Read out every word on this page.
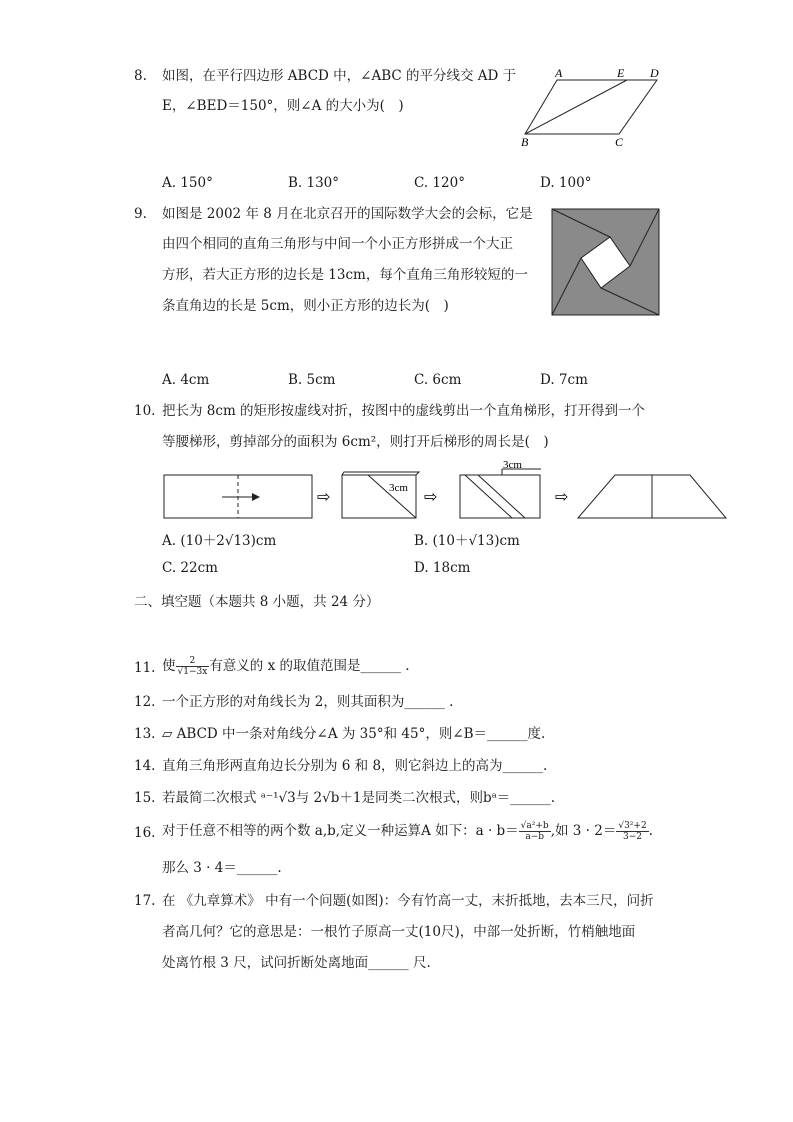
8. 如图，在平行四边形 ABCD 中，∠ABC 的平分线交 AD 于
E，∠BED＝150°，则∠A 的大小为(　)
A	E D
B	C
A. 150°	B. 130°	C. 120°	D. 100°
9. 如图是 2002 年 8 月在北京召开的国际数学大会的会标，它是
由四个相同的直角三角形与中间一个小正方形拼成一个大正
方形，若大正方形的边长是 13cm，每个直角三角形较短的一
条直角边的长是 5cm，则小正方形的边长为(　)
A. 4cm	B. 5cm	C. 6cm	D. 7cm
10. 把长为 8cm 的矩形按虚线对折，按图中的虚线剪出一个直角梯形，打开得到一个
等腰梯形，剪掉部分的面积为 6cm²，则打开后梯形的周长是(　)
⇨
3cm
⇨
3cm
⇨
A. (10＋2√13)cm	B. (10＋√13)cm
C. 22cm	D. 18cm
二、填空题（本题共 8 小题，共 24 分）
11. 使 $\frac{2}{√1-3x}$ 有意义的 x 的取值范围是______ .
12. 一个正方形的对角线长为 2，则其面积为______ .
13. ▱ ABCD 中一条对角线分∠A 为 35°和 45°，则∠B＝______度.
14. 直角三角形两直角边长分别为 6 和 8，则它斜边上的高为______.
15. 若最简二次根式 ᵃ⁻¹√3与 2√b＋1是同类二次根式，则bᵃ＝______.
16. 对于任意不相等的两个数 a,b,定义一种运算A 如下：$a \cdot b= \frac{\text{√a²+b}}{a-b}$ ,如 $3 \cdot 2= \frac{\text{√3²+2}}{3-2}$ .
那么 3 · 4＝______.
17. 在 《九章算术》 中有一个问题(如图)：今有竹高一丈，末折抵地，去本三尺，问折
者高几何？它的意思是：一根竹子原高一丈(10尺)，中部一处折断，竹梢触地面
处离竹根 3 尺，试问折断处离地面______ 尺.
